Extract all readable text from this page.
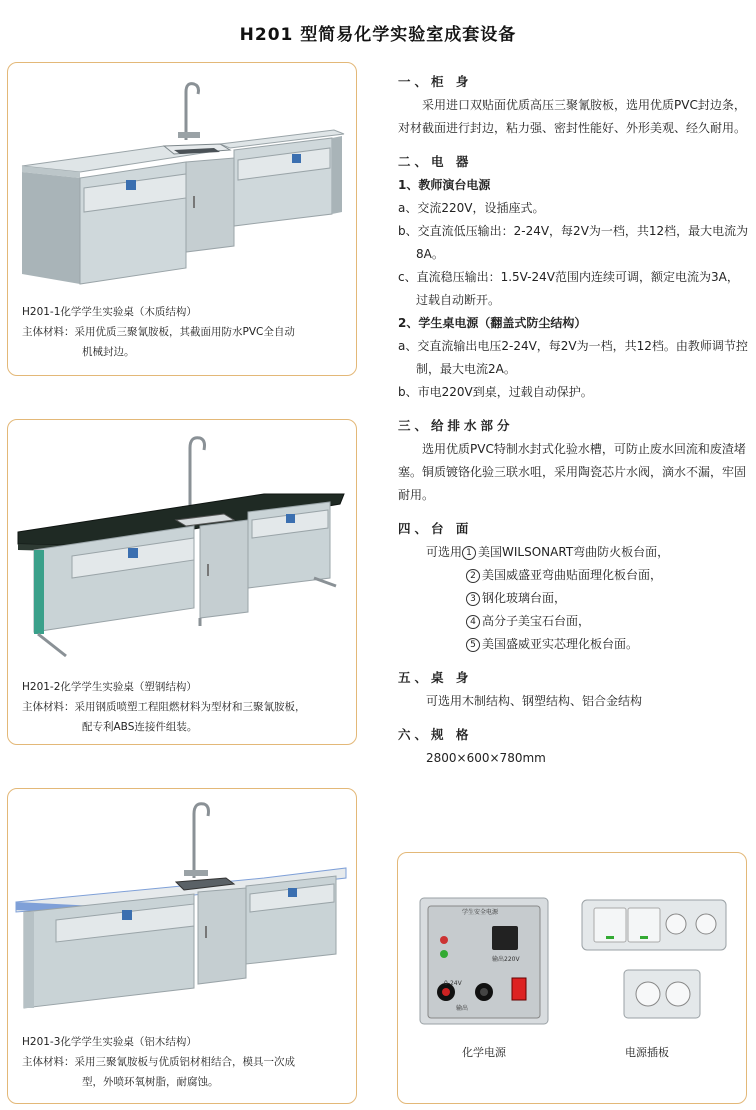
H201 型简易化学实验室成套设备
H201-1化学学生实验桌（木质结构）
主体材料：采用优质三聚氰胺板，其截面用防水PVC全自动
机械封边。
H201-2化学学生实验桌（塑钢结构）
主体材料：采用钢质喷塑工程阻燃材料为型材和三聚氰胺板，
配专利ABS连接件组装。
H201-3化学学生实验桌（铝木结构）
主体材料：采用三聚氰胺板与优质铝材相结合，模具一次成
型，外喷环氧树脂，耐腐蚀。
一、柜 身

采用进口双贴面优质高压三聚氰胺板，选用优质PVC封边条，对材截面进行封边，粘力强、密封性能好、外形美观、经久耐用。

二、电 器

1、教师演台电源

a、交流220V，设插座式。

b、交直流低压输出：2-24V，每2V为一档，共12档，最大电流为8A。

c、直流稳压输出：1.5V-24V范围内连续可调，额定电流为3A，过载自动断开。

2、学生桌电源（翻盖式防尘结构）

a、交直流输出电压2-24V，每2V为一档，共12档。由教师调节控制，最大电流2A。

b、市电220V到桌，过载自动保护。

三、给排水部分

选用优质PVC特制水封式化验水槽，可防止废水回流和废渣堵塞。铜质镀铬化验三联水咀，采用陶瓷芯片水阀，滴水不漏，牢固耐用。

四、台 面

可选用 1 美国WILSONART弯曲防火板台面，

2 美国威盛亚弯曲贴面理化板台面，

3 钢化玻璃台面，

4 高分子美宝石台面，

5 美国盛威亚实芯理化板台面。

五、桌 身

可选用木制结构、钢塑结构、铝合金结构

六、规 格

2800×600×780mm

学生安全电源
输出220V
0-24V
输出
化学电源	电源插板
